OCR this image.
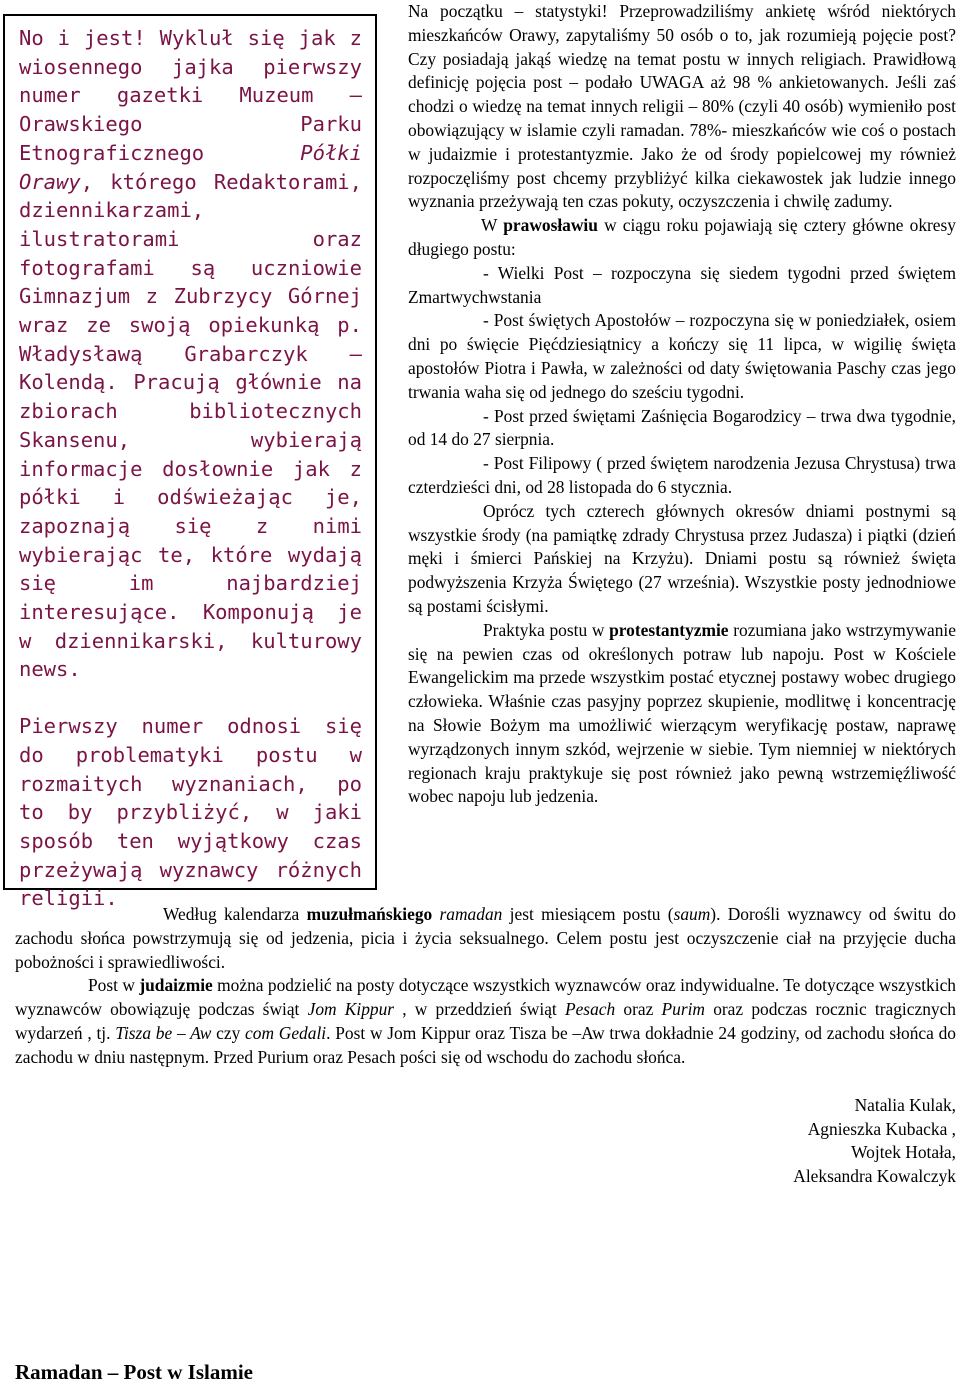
No i jest! Wykluł się jak z wiosennego jajka pierwszy numer gazetki Muzeum – Orawskiego Parku Etnograficznego Półki Orawy, którego Redaktorami, dziennikarzami, ilustratorami oraz fotografami są uczniowie Gimnazjum z Zubrzycy Górnej wraz ze swoją opiekunką p. Władysławą Grabarczyk – Kolendą. Pracują głównie na zbiorach bibliotecznych Skansenu, wybierają informacje dosłownie jak z półki i odświeżając je, zapoznają się z nimi wybierając te, które wydają się im najbardziej interesujące. Komponują je w dziennikarski, kulturowy news.

Pierwszy numer odnosi się do problematyki postu w rozmaitych wyznaniach, po to by przybliżyć, w jaki sposób ten wyjątkowy czas przeżywają wyznawcy różnych religii.

Na początku – statystyki! Przeprowadziliśmy ankietę wśród niektórych mieszkańców Orawy, zapytaliśmy 50 osób o to, jak rozumieją pojęcie post? Czy posiadają jakąś wiedzę na temat postu w innych religiach. Prawidłową definicję pojęcia post – podało UWAGA aż 98 % ankietowanych. Jeśli zaś chodzi o wiedzę na temat innych religii – 80% (czyli 40 osób) wymieniło post obowiązujący w islamie czyli ramadan. 78%- mieszkańców wie coś o postach w judaizmie i protestantyzmie. Jako że od środy popielcowej my również rozpoczęliśmy post chcemy przybliżyć kilka ciekawostek jak ludzie innego wyznania przeżywają ten czas pokuty, oczyszczenia i chwilę zadumy.

W prawosławiu w ciągu roku pojawiają się cztery główne okresy długiego postu:

- Wielki Post – rozpoczyna się siedem tygodni przed świętem Zmartwychwstania

- Post świętych Apostołów – rozpoczyna się w poniedziałek, osiem dni po święcie Pięćdziesiątnicy a kończy się 11 lipca, w wigilię święta apostołów Piotra i Pawła, w zależności od daty świętowania Paschy czas jego trwania waha się od jednego do sześciu tygodni.

- Post przed świętami Zaśnięcia Bogarodzicy – trwa dwa tygodnie, od 14 do 27 sierpnia.

- Post Filipowy ( przed świętem narodzenia Jezusa Chrystusa) trwa czterdzieści dni, od 28 listopada do 6 stycznia.

Oprócz tych czterech głównych okresów dniami postnymi są wszystkie środy (na pamiątkę zdrady Chrystusa przez Judasza) i piątki (dzień męki i śmierci Pańskiej na Krzyżu). Dniami postu są również święta podwyższenia Krzyża Świętego (27 września). Wszystkie posty jednodniowe są postami ścisłymi.

Praktyka postu w protestantyzmie rozumiana jako wstrzymywanie się na pewien czas od określonych potraw lub napoju. Post w Kościele Ewangelickim ma przede wszystkim postać etycznej postawy wobec drugiego człowieka. Właśnie czas pasyjny poprzez skupienie, modlitwę i koncentrację na Słowie Bożym ma umożliwić wierzącym weryfikację postaw, naprawę wyrządzonych innym szkód, wejrzenie w siebie. Tym niemniej w niektórych regionach kraju praktykuje się post również jako pewną wstrzemięźliwość wobec napoju lub jedzenia.

Według kalendarza muzułmańskiego ramadan jest miesiącem postu (saum). Dorośli wyznawcy od świtu do zachodu słońca powstrzymują się od jedzenia, picia i życia seksualnego. Celem postu jest oczyszczenie ciał na przyjęcie ducha pobożności i sprawiedliwości.

Post w judaizmie można podzielić na posty dotyczące wszystkich wyznawców oraz indywidualne. Te dotyczące wszystkich wyznawców obowiązuję podczas świąt Jom Kippur , w przeddzień świąt Pesach oraz Purim oraz podczas rocznic tragicznych wydarzeń , tj. Tisza be – Aw czy com Gedali. Post w Jom Kippur oraz Tisza be –Aw trwa dokładnie 24 godziny, od zachodu słońca do zachodu w dniu następnym. Przed Purium oraz Pesach pości się od wschodu do zachodu słońca.

Natalia Kulak,
Agnieszka Kubacka ,
Wojtek Hotała,
Aleksandra Kowalczyk
Ramadan – Post w Islamie
